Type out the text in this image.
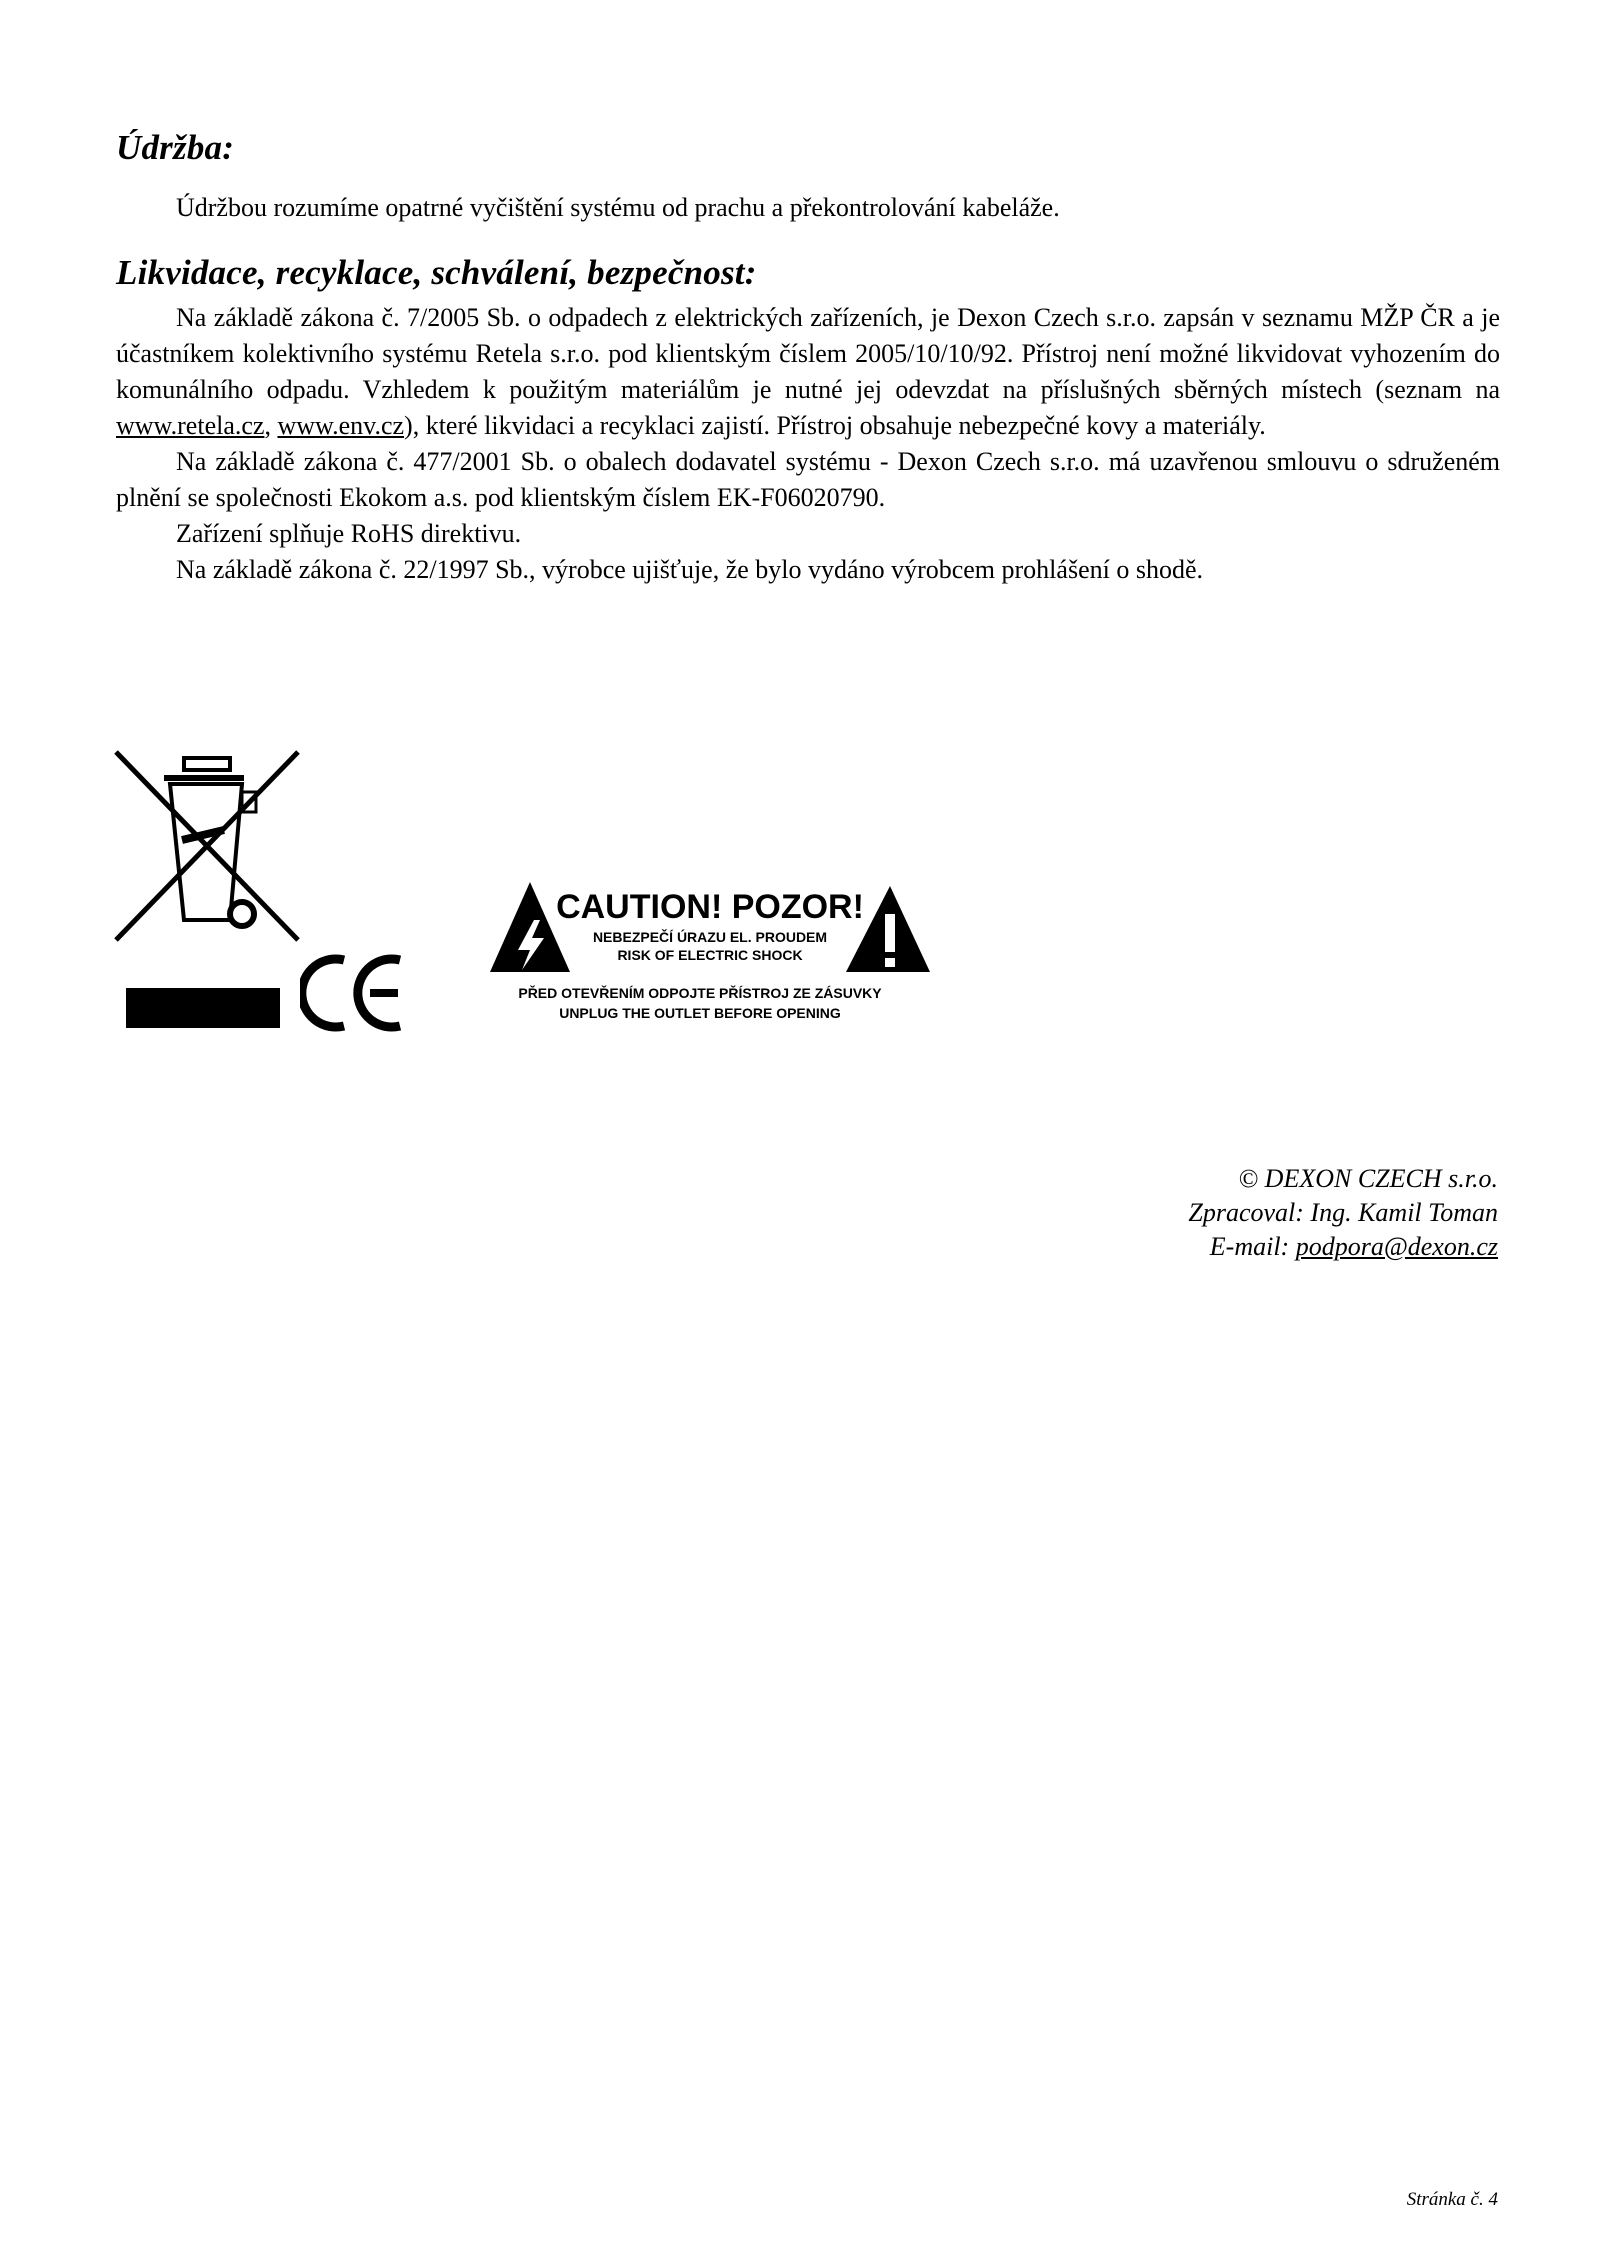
Údržba:

Údržbou rozumíme opatrné vyčištění systému od prachu a překontrolování kabeláže.

Likvidace, recyklace, schválení, bezpečnost:

Na základě zákona č. 7/2005 Sb. o odpadech z elektrických zařízeních, je Dexon Czech s.r.o. zapsán v seznamu MŽP ČR a je účastníkem kolektivního systému Retela s.r.o. pod klientským číslem 2005/10/10/92. Přístroj není možné likvidovat vyhozením do komunálního odpadu. Vzhledem k použitým materiálům je nutné jej odevzdat na příslušných sběrných místech (seznam na www.retela.cz, www.env.cz), které likvidaci a recyklaci zajistí. Přístroj obsahuje nebezpečné kovy a materiály.

Na základě zákona č. 477/2001 Sb. o obalech dodavatel systému - Dexon Czech s.r.o. má uzavřenou smlouvu o sdruženém plnění se společnosti Ekokom a.s. pod klientským číslem EK-F06020790.

Zařízení splňuje RoHS direktivu.

Na základě zákona č. 22/1997 Sb., výrobce ujišťuje, že bylo vydáno výrobcem prohlášení o shodě.

CAUTION! POZOR!
NEBEZPEČÍ ÚRAZU EL. PROUDEM
RISK OF ELECTRIC SHOCK
PŘED OTEVŘENÍM ODPOJTE PŘÍSTROJ ZE ZÁSUVKY
UNPLUG THE OUTLET BEFORE OPENING
© DEXON CZECH s.r.o.
Zpracoval: Ing. Kamil Toman
E-mail: podpora@dexon.cz
Stránka č. 4
